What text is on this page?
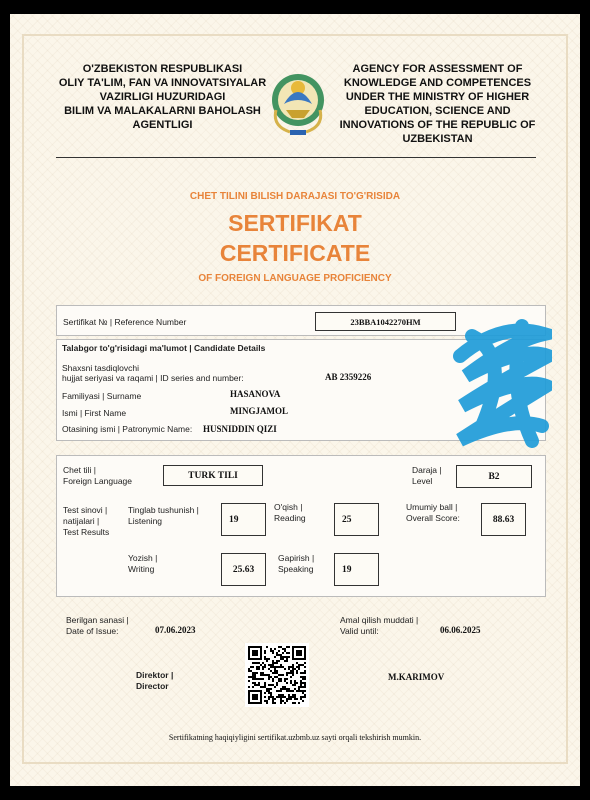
O'ZBEKISTON RESPUBLIKASI
OLIY TA'LIM, FAN VA INNOVATSIYALAR
VAZIRLIGI HUZURIDAGI
BILIM VA MALAKALARNI BAHOLASH
AGENTLIGI
AGENCY FOR ASSESSMENT OF
KNOWLEDGE AND COMPETENCES
UNDER THE MINISTRY OF HIGHER
EDUCATION, SCIENCE AND
INNOVATIONS OF THE REPUBLIC OF
UZBEKISTAN
CHET TILINI BILISH DARAJASI TO'G'RISIDA
SERTIFIKAT
CERTIFICATE
OF FOREIGN LANGUAGE PROFICIENCY
Sertifikat № | Reference Number	23BBA1042270HM
Talabgor to'g'risidagi ma'lumot | Candidate Details
Shaxsni tasdiqlovchi
hujjat seriyasi va raqami | ID series and number:	AB 2359226
Familiyasi | Surname	HASANOVA
Ismi | First Name	MINGJAMOL
Otasining ismi | Patronymic Name: HUSNIDDIN QIZI
Chet tili |
Foreign Language
TURK TILI
Daraja |
Level	B2
Test sinovi |
natijalari |
Test Results
Tinglab tushunish |
Listening	19
O'qish |
Reading	25
Umumiy ball |
Overall Score:	88.63
Yozish |
Writing	25.63
Gapirish |
Speaking	19
Berilgan sanasi |
Date of Issue:	07.06.2023
Amal qilish muddati |
Valid until:	06.06.2025
Direktor |
Director
M.KARIMOV
Sertifikatning haqiqiyligini sertifikat.uzbmb.uz sayti orqali tekshirish mumkin.
